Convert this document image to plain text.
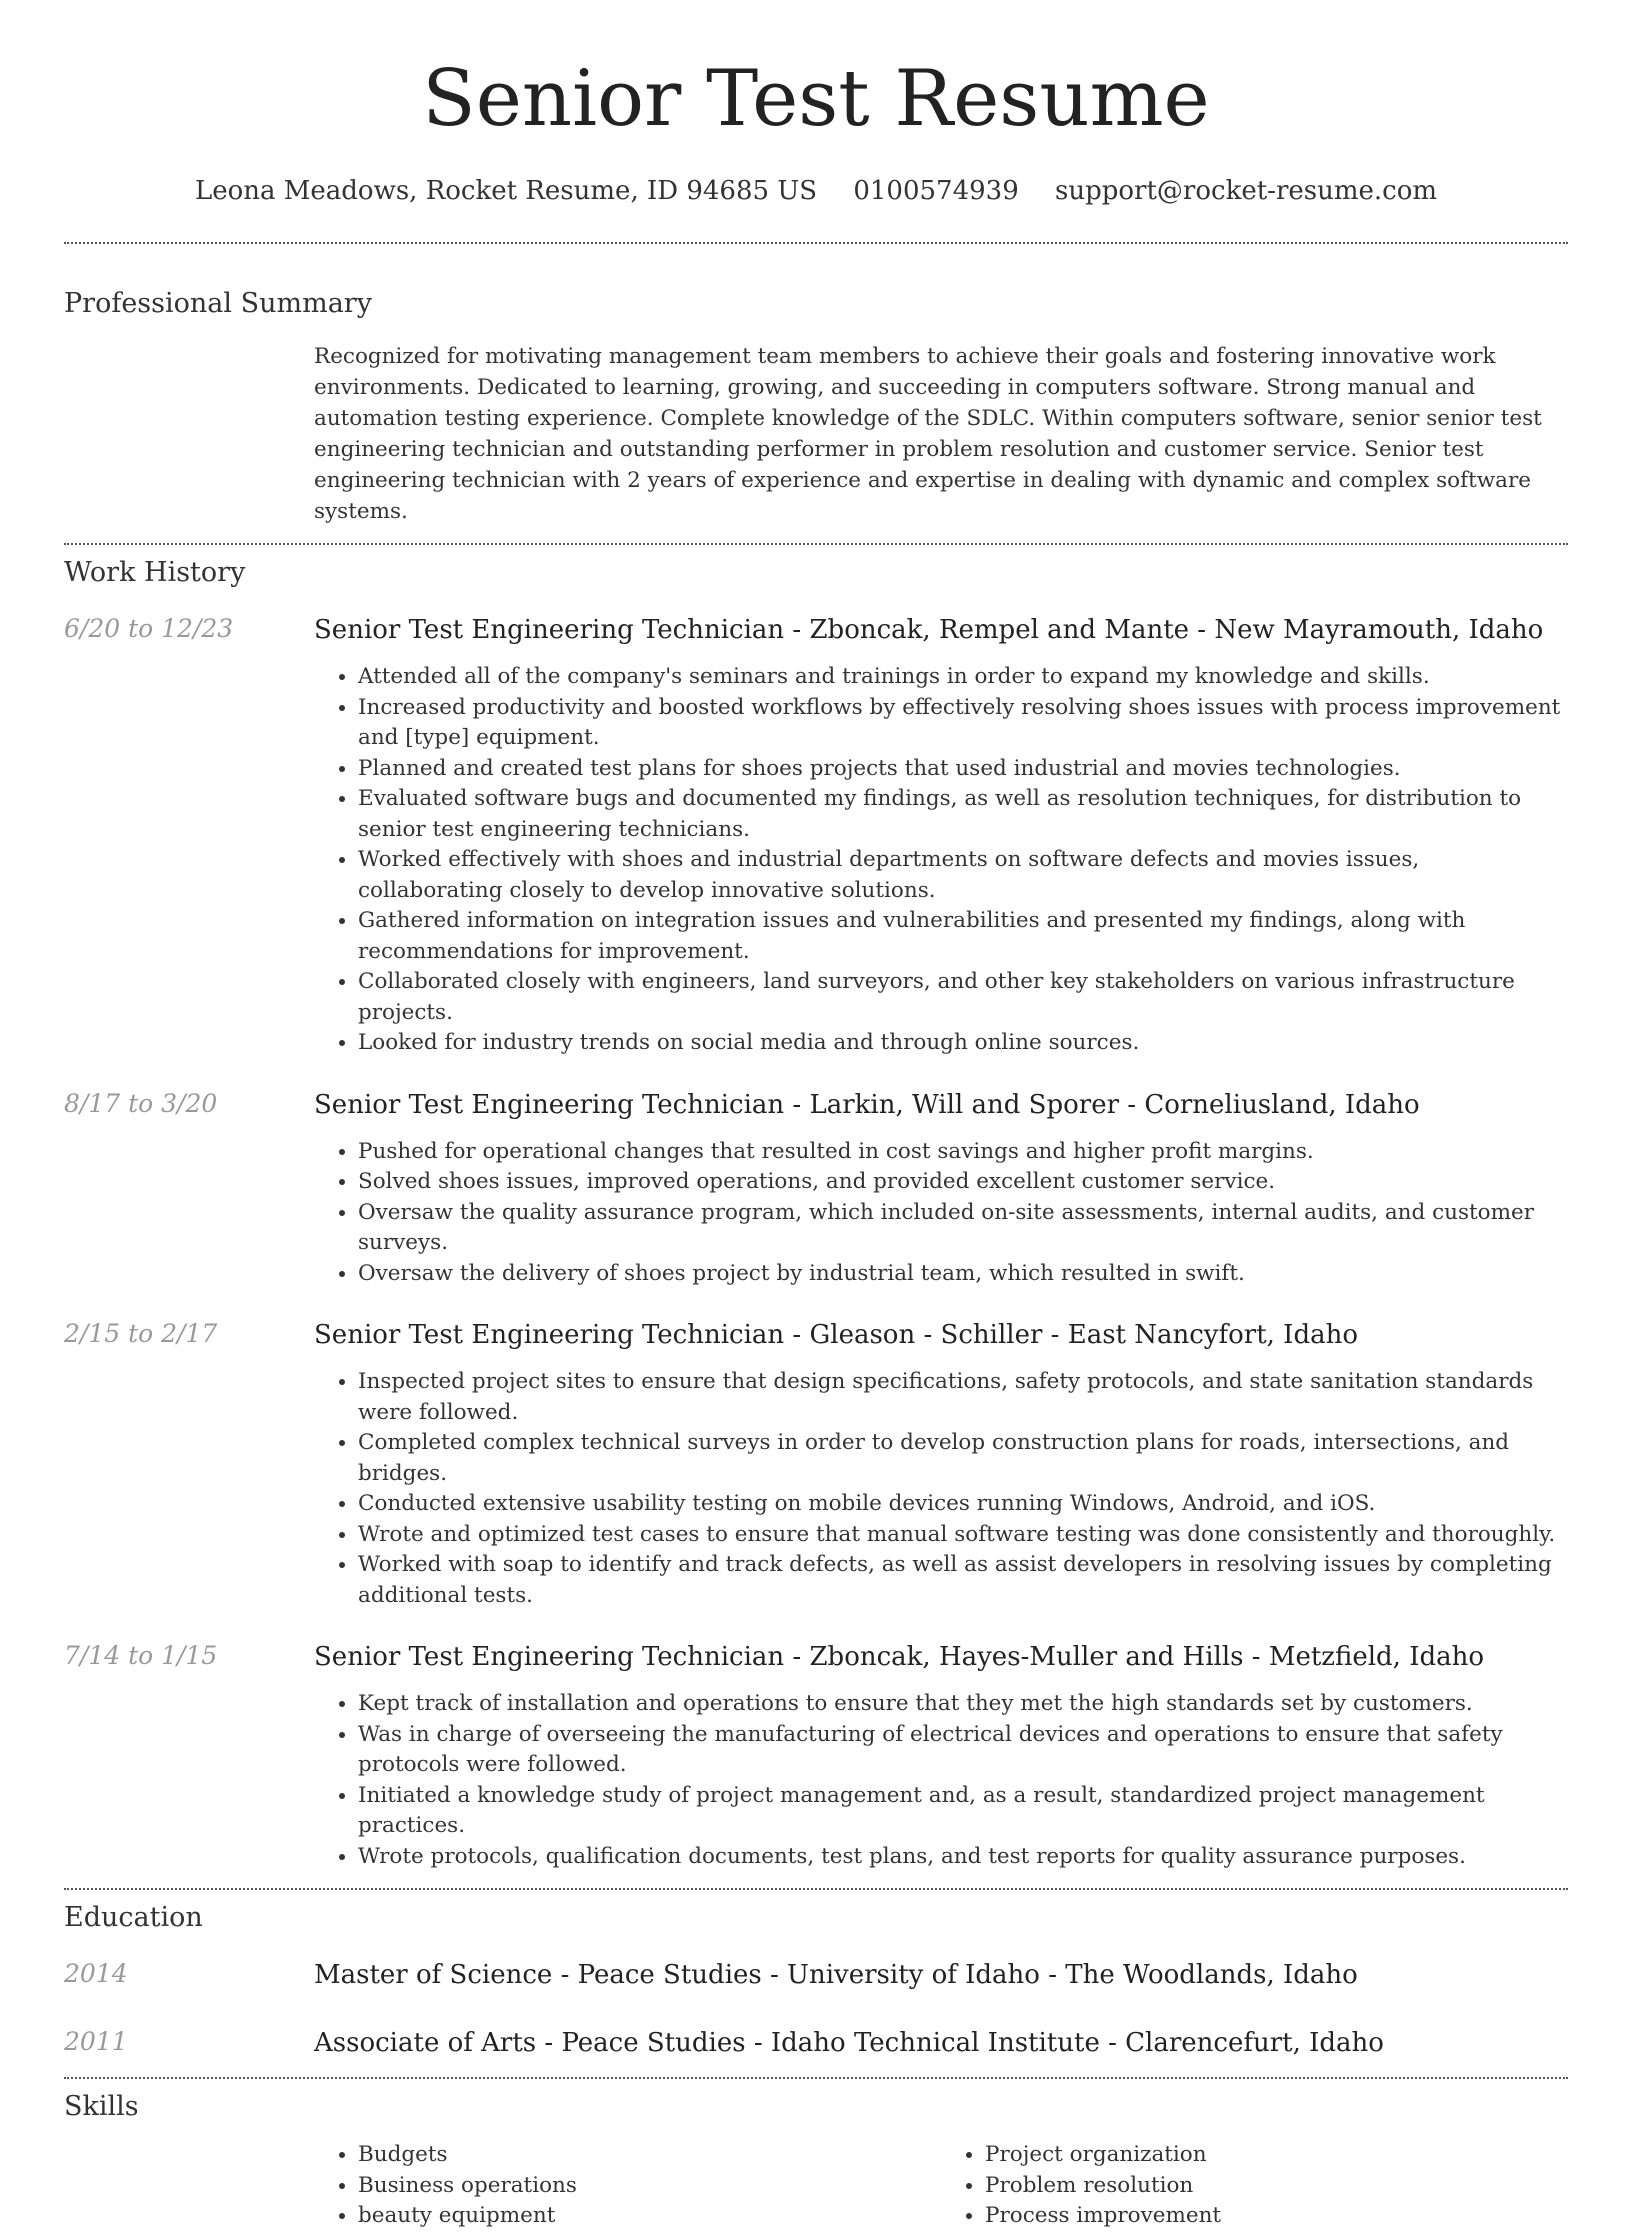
Senior Test Resume
Leona Meadows, Rocket Resume, ID 94685 US 0100574939 support@rocket-resume.com
Professional Summary
Recognized for motivating management team members to achieve their goals and fostering innovative work environments. Dedicated to learning, growing, and succeeding in computers software. Strong manual and automation testing experience. Complete knowledge of the SDLC. Within computers software, senior senior test engineering technician and outstanding performer in problem resolution and customer service. Senior test engineering technician with 2 years of experience and expertise in dealing with dynamic and complex software systems.
Work History
6/20 to 12/23	Senior Test Engineering Technician - Zboncak, Rempel and Mante - New Mayramouth, Idaho
• Attended all of the company's seminars and trainings in order to expand my knowledge and skills.
• Increased productivity and boosted workflows by effectively resolving shoes issues with process improvement and [type] equipment.
• Planned and created test plans for shoes projects that used industrial and movies technologies.
• Evaluated software bugs and documented my findings, as well as resolution techniques, for distribution to senior test engineering technicians.
• Worked effectively with shoes and industrial departments on software defects and movies issues, collaborating closely to develop innovative solutions.
• Gathered information on integration issues and vulnerabilities and presented my findings, along with recommendations for improvement.
• Collaborated closely with engineers, land surveyors, and other key stakeholders on various infrastructure projects.
• Looked for industry trends on social media and through online sources.
8/17 to 3/20	Senior Test Engineering Technician - Larkin, Will and Sporer - Corneliusland, Idaho
• Pushed for operational changes that resulted in cost savings and higher profit margins.
• Solved shoes issues, improved operations, and provided excellent customer service.
• Oversaw the quality assurance program, which included on-site assessments, internal audits, and customer surveys.
• Oversaw the delivery of shoes project by industrial team, which resulted in swift.
2/15 to 2/17	Senior Test Engineering Technician - Gleason - Schiller - East Nancyfort, Idaho
• Inspected project sites to ensure that design specifications, safety protocols, and state sanitation standards were followed.
• Completed complex technical surveys in order to develop construction plans for roads, intersections, and bridges.
• Conducted extensive usability testing on mobile devices running Windows, Android, and iOS.
• Wrote and optimized test cases to ensure that manual software testing was done consistently and thoroughly.
• Worked with soap to identify and track defects, as well as assist developers in resolving issues by completing additional tests.
7/14 to 1/15	Senior Test Engineering Technician - Zboncak, Hayes-Muller and Hills - Metzfield, Idaho
• Kept track of installation and operations to ensure that they met the high standards set by customers.
• Was in charge of overseeing the manufacturing of electrical devices and operations to ensure that safety protocols were followed.
• Initiated a knowledge study of project management and, as a result, standardized project management practices.
• Wrote protocols, qualification documents, test plans, and test reports for quality assurance purposes.
Education
2014	Master of Science - Peace Studies - University of Idaho - The Woodlands, Idaho
2011	Associate of Arts - Peace Studies - Idaho Technical Institute - Clarencefurt, Idaho
Skills
• Budgets
• Business operations
• beauty equipment
• Project organization
• Problem resolution
• Process improvement
